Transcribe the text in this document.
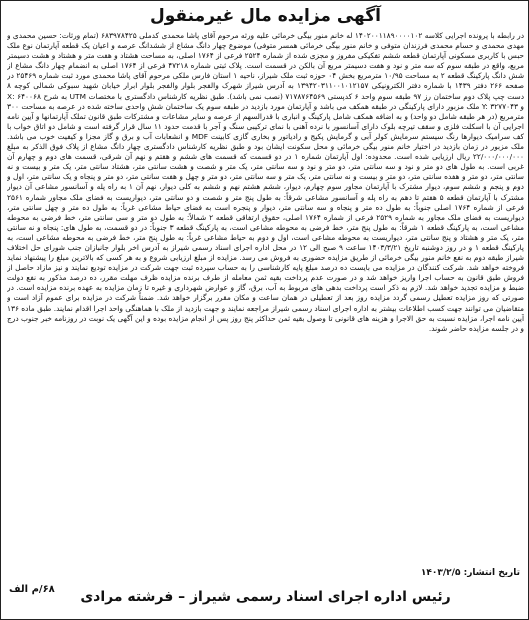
آگهی مزایده مال غیرمنقول
در رابطه با پرونده اجرایی کلاسه ۱۴۰۲۰۰۱۱۸۹۰۰۰۰۱۰۲ له خانم منور بیگی خرمائی علیه ورثه مرحوم آقای پاشا محمدی کدملی ۶۸۳۹۷۸۴۲۵ (تمام ورثات: حسین محمدی و مهدی محمدی و حسام محمدی فرزندان متوفی و خانم منور بیگی خرمائی همسر متوفی) موضوع چهار دانگ مشاع از ششدانگ عرصه و اعیان یک قطعه آپارتمان نوع ملک حبس با کاربری مسکونی آپارتمان قطعه ششم تفکیکی مفروز و مجزی شده از شماره ۲۵۲۴ فرعی از ۱۷۶۴ اصلی، به مساحت هشتاد و هفت متر و هشتاد و هشت دسیمتر مربع، واقع در طبقه سوم که سه متر و نود و هفت دسیمتر مربع آن بالکن در قسمت است. پلاک ثبتی شماره ۴۷۲۱۸ فرعی از ۱۷۶۴ اصلی به انضمام چهار دانگ مشاع از شش دانگ پارکینگ قطعه ۲ به مساحت ۱۰/۹۵ مترمربع بخش ۰۴ حوزه ثبت ملک شیراز، ناحیه ۱ استان فارس ملکی مرحوم آقای پاشا محمدی مورد ثبت شماره ۲۵۴۶۹ در صفحه ۲۶۶ دفتر ۱۴۳۹ با شماره دفتر الکترونیکی ۱۳۹۴۲۰۳۱۱۰۰۱۰۱۲۱۵۷ به آدرس شیراز شهرک والفجر بلوار والفجر بلوار ابرار خیابان شهید سبوکی شمالی کوچه ۸ دست چپ پلاک دوم ساختمان رز ۹۷ طبقه سوم واحد ۶ کدپستی ۷۱۷۸۷۶۴۵۶۹ (نصب نمی باشد). طبق نظریه کارشناس دادگستری با مختصات UTM به شرح X: ۶۴۰۰۶۸ و Y: ۳۲۷۷۰۴۳ ملک مزبور دارای پارکینگی در طبقه همکف می باشد و آپارتمان مورد بازدید در طبقه سوم یک ساختمان شش واحدی ساخته شده در عرصه به مساحت ۳۰۰ مترمربع (در هر طبقه شامل دو واحد) و به اضافه همکف شامل پارکینگ و انباری با قدرالسهم از عرصه و سایر مشاعات و مشترکات طبق قانون تملک آپارتمانها و آیین نامه اجرایی آن با اسکلت فلزی و سقف تیرچه بلوک دارای آسانسور با نرده آهنی با نمای ترکیبی سنگ و آجر با قدمت حدود ۱۱ سال قرار گرفته است و شامل دو اتاق خواب با کف سرامیک دیوارها رنگ سیستم سرمایش کولر آبی و گرمایش پکیج و رادیاتور و بخاری گازی کابینت MDF و انشعابات آب و برق و گاز مجزا و کیفیت خوب می باشد. ملک مزبور در زمان بازدید در اختیار خانم منور بیگی خرمائی و محل سکونت ایشان بود و طبق نظریه کارشناس دادگستری چهار دانگ مشاع از پلاک فوق الذکر به مبلغ ۲۲/۰۰۰/۰۰۰/۰۰۰ ریال ارزیابی شده است. محدوده: اول آپارتمان شماره ۱ در دو قسمت که قسمت های ششم و هفتم و نهم آن شرقی، قسمت های دوم و چهارم آن غربی است. به طول های دو متر و نود و سه سانتی متر، دو متر و نود و سه سانتی متر، یک متر و شصت و هشت سانتی متر، هشتاد سانتی متر، یک متر و بیست و نه سانتی متر، دو متر و هفده سانتی متر، دو متر و بیست و نه سانتی متر، یک متر و سه سانتی متر، دو متر و چهل و هفت سانتی متر، دو متر و پنجاه و یک سانتی متر، اول و دوم و پنجم و ششم سوم، دیوار مشترک با آپارتمان مجاور سوم چهارم، دیوار، ششم هشتم نهم و ششم به کلی دیوار، نهم آن ۱ به راه پله و آسانسور مشاعی آن دیوار مشترک با آپارتمان قطعه ۵ هفتم تا دهم به راه پله و آسانسور مشاعی شرقاً: به طول پنج متر و شصت و دو سانتی متر، دیواریست به فضای ملک مجاور شماره ۲۵۶۱ فرعی از شماره ۱۷۶۴ اصلی جنوباً: به طول ده متر و پنجاه و سه سانتی متر، دیوار و پنجره است به فضای حیاط مشاعی غرباً: به طول ده متر و چهل سانتی متر، دیواریست به فضای ملک مجاور به شماره ۲۵۲۹ فرعی از شماره ۱۷۶۴ اصلی، حقوق ارتفاقی قطعه ۲ شمالاً: به طول دو متر و سی سانتی متر، خط فرضی به محوطه مشاعی است، به پارکینگ قطعه ۱ شرقاً: به طول پنج متر، خط فرضی به محوطه مشاعی است، به پارکینگ قطعه ۳ جنوباً: در دو قسمت، به طول های: پنجاه و نه سانتی متر، یک متر و هشتاد و پنج سانتی متر، دیواریست به محوطه مشاعی است، اول و دوم به حیاط مشاعی غرباً: به طول پنج متر، خط فرضی به محوطه مشاعی است، به پارکینگ قطعه ۱ و در روز دوشنبه تاریخ ۱۴۰۳/۳/۲۱ ساعت ۹ صبح الی ۱۲ در محل اداره اجرای اسناد رسمی شیراز به آدرس اخر بلوار جانبازان جنب شورای حل اختلاف شیراز طبقه دوم به نفع خانم منور بیگی خرمائی از طریق مزایده حضوری به فروش می رسد. مزایده از مبلغ ارزیابی شروع و به هر کسی که بالاترین مبلغ را پیشنهاد نماید فروخته خواهد شد. شرکت کنندگان در مزایده می بایست ده درصد مبلغ پایه کارشناسی را به حساب سپرده ثبت جهت شرکت در مزایده تودیع نمایند و نیز مازاد حاصل از فروش طبق قانون به حساب اجرا واریز خواهد شد و در صورت عدم پرداخت بقیه ثمن معامله از طرف برنده مزایده ظرف مهلت مقرر، ده درصد مذکور به نفع دولت ضبط و مزایده تجدید خواهد شد. لازم به ذکر است پرداخت بدهی های مربوط به آب، برق، گاز و عوارض شهرداری و غیره تا زمان مزایده به عهده برنده مزایده است. در صورتی که روز مزایده تعطیل رسمی گردد مزایده روز بعد از تعطیلی در همان ساعت و مکان مقرر برگزار خواهد شد. ضمناً شرکت در مزایده برای عموم آزاد است و متقاضیان می توانند جهت کسب اطلاعات بیشتر به اداره اجرای اسناد رسمی شیراز مراجعه نمایند و جهت بازدید از ملک با هماهنگی واحد اجرا اقدام نمایند. طبق ماده ۱۳۶ آیین نامه اجرا، مزایده نسبت به حق الاجرا و هزینه های قانونی تا وصول بقیه ثمن حداکثر پنج روز پس از انجام مزایده بوده و این آگهی یک نوبت در روزنامه خبر جنوب درج و در جلسه مزایده حاضر شوند.
تاریخ انتشار: ۱۴۰۳/۲/۵
۶۸/م الف	رئیس اداره اجرای اسناد رسمی شیراز – فرشته مرادی
